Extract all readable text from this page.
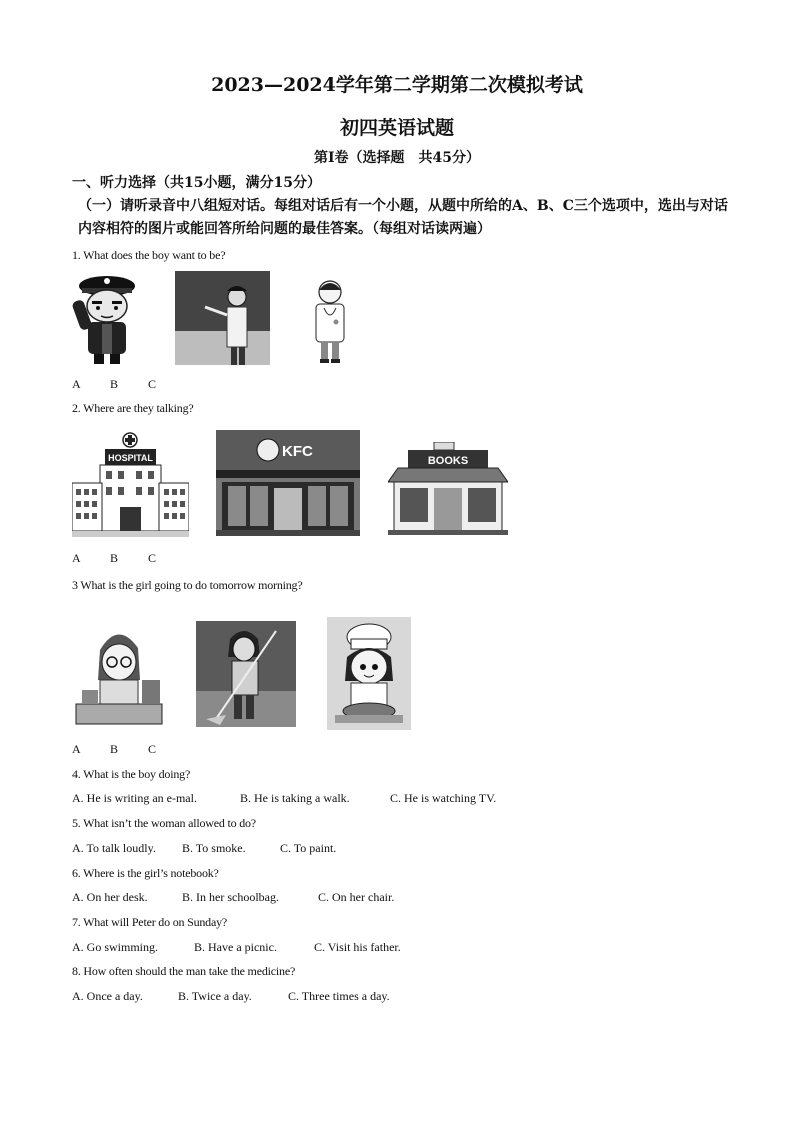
2023—2024学年第二学期第二次模拟考试
初四英语试题
第Ⅰ卷（选择题　共45分）
一、听力选择（共15小题，满分15分）
（一）请听录音中八组短对话。每组对话后有一个小题，从题中所给的A、B、C三个选项中，选出与对话内容相符的图片或能回答所给问题的最佳答案。（每组对话读两遍）
1. What does the boy want to be?
A B C
2. Where are they talking?
HOSPITAL	KFC
BOOKS
A B C
3 What is the girl going to do tomorrow morning?
A B C
4. What is the boy doing?
A. He is writing an e-mal.	B. He is taking a walk.	C. He is watching TV.
5. What isn’t the woman allowed to do?
A. To talk loudly. B. To smoke.	C. To paint.
6. Where is the girl’s notebook?
A. On her desk.	B. In her schoolbag.	C. On her chair.
7. What will Peter do on Sunday?
A. Go swimming.	B. Have a picnic.	C. Visit his father.
8. How often should the man take the medicine?
A. Once a day.	B. Twice a day.	C. Three times a day.
